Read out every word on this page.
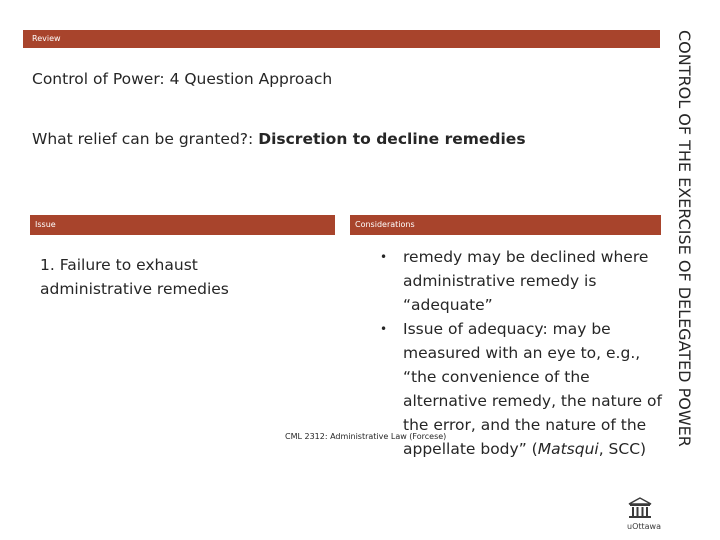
Review
Control of Power: 4 Question Approach
What relief can be granted?: Discretion to decline remedies
Issue	Considerations
1. Failure to exhaust administrative remedies
• remedy may be declined where administrative remedy is “adequate”
• Issue of adequacy: may be measured with an eye to, e.g., “the convenience of the alternative remedy, the nature of the error, and the nature of the appellate body” (Matsqui, SCC)
CML 2312: Administrative Law (Forcese)
uOttawa
CONTROL OF THE EXERCISE OF DELEGATED POWER
